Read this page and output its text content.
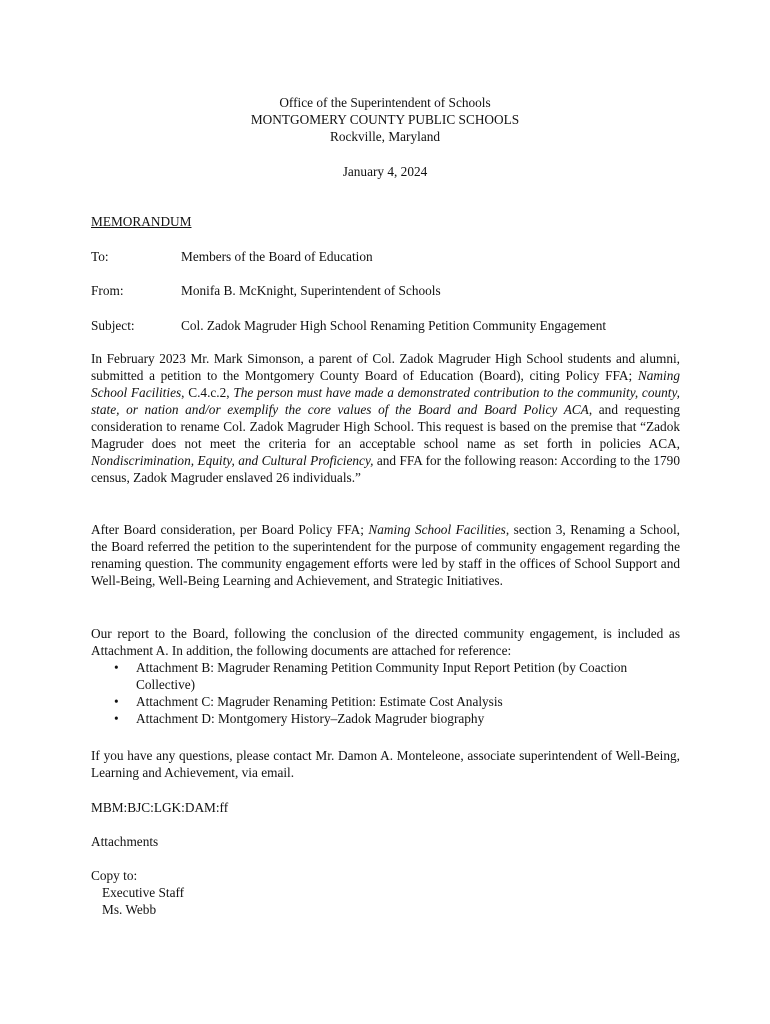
Office of the Superintendent of Schools
MONTGOMERY COUNTY PUBLIC SCHOOLS
Rockville, Maryland
January 4, 2024
MEMORANDUM
To:	Members of the Board of Education
From:	Monifa B. McKnight, Superintendent of Schools
Subject:	Col. Zadok Magruder High School Renaming Petition Community Engagement
In February 2023 Mr. Mark Simonson, a parent of Col. Zadok Magruder High School students and alumni, submitted a petition to the Montgomery County Board of Education (Board), citing Policy FFA; Naming School Facilities, C.4.c.2, The person must have made a demonstrated contribution to the community, county, state, or nation and/or exemplify the core values of the Board and Board Policy ACA, and requesting consideration to rename Col. Zadok Magruder High School. This request is based on the premise that “Zadok Magruder does not meet the criteria for an acceptable school name as set forth in policies ACA, Nondiscrimination, Equity, and Cultural Proficiency, and FFA for the following reason: According to the 1790 census, Zadok Magruder enslaved 26 individuals.”
After Board consideration, per Board Policy FFA; Naming School Facilities, section 3, Renaming a School, the Board referred the petition to the superintendent for the purpose of community engagement regarding the renaming question. The community engagement efforts were led by staff in the offices of School Support and Well-Being, Well-Being Learning and Achievement, and Strategic Initiatives.
Our report to the Board, following the conclusion of the directed community engagement, is included as Attachment A. In addition, the following documents are attached for reference:
• Attachment B: Magruder Renaming Petition Community Input Report Petition (by Coaction Collective)
• Attachment C: Magruder Renaming Petition: Estimate Cost Analysis
• Attachment D: Montgomery History–Zadok Magruder biography
If you have any questions, please contact Mr. Damon A. Monteleone, associate superintendent of Well-Being, Learning and Achievement, via email.
MBM:BJC:LGK:DAM:ff
Attachments
Copy to:
Executive Staff
Ms. Webb
